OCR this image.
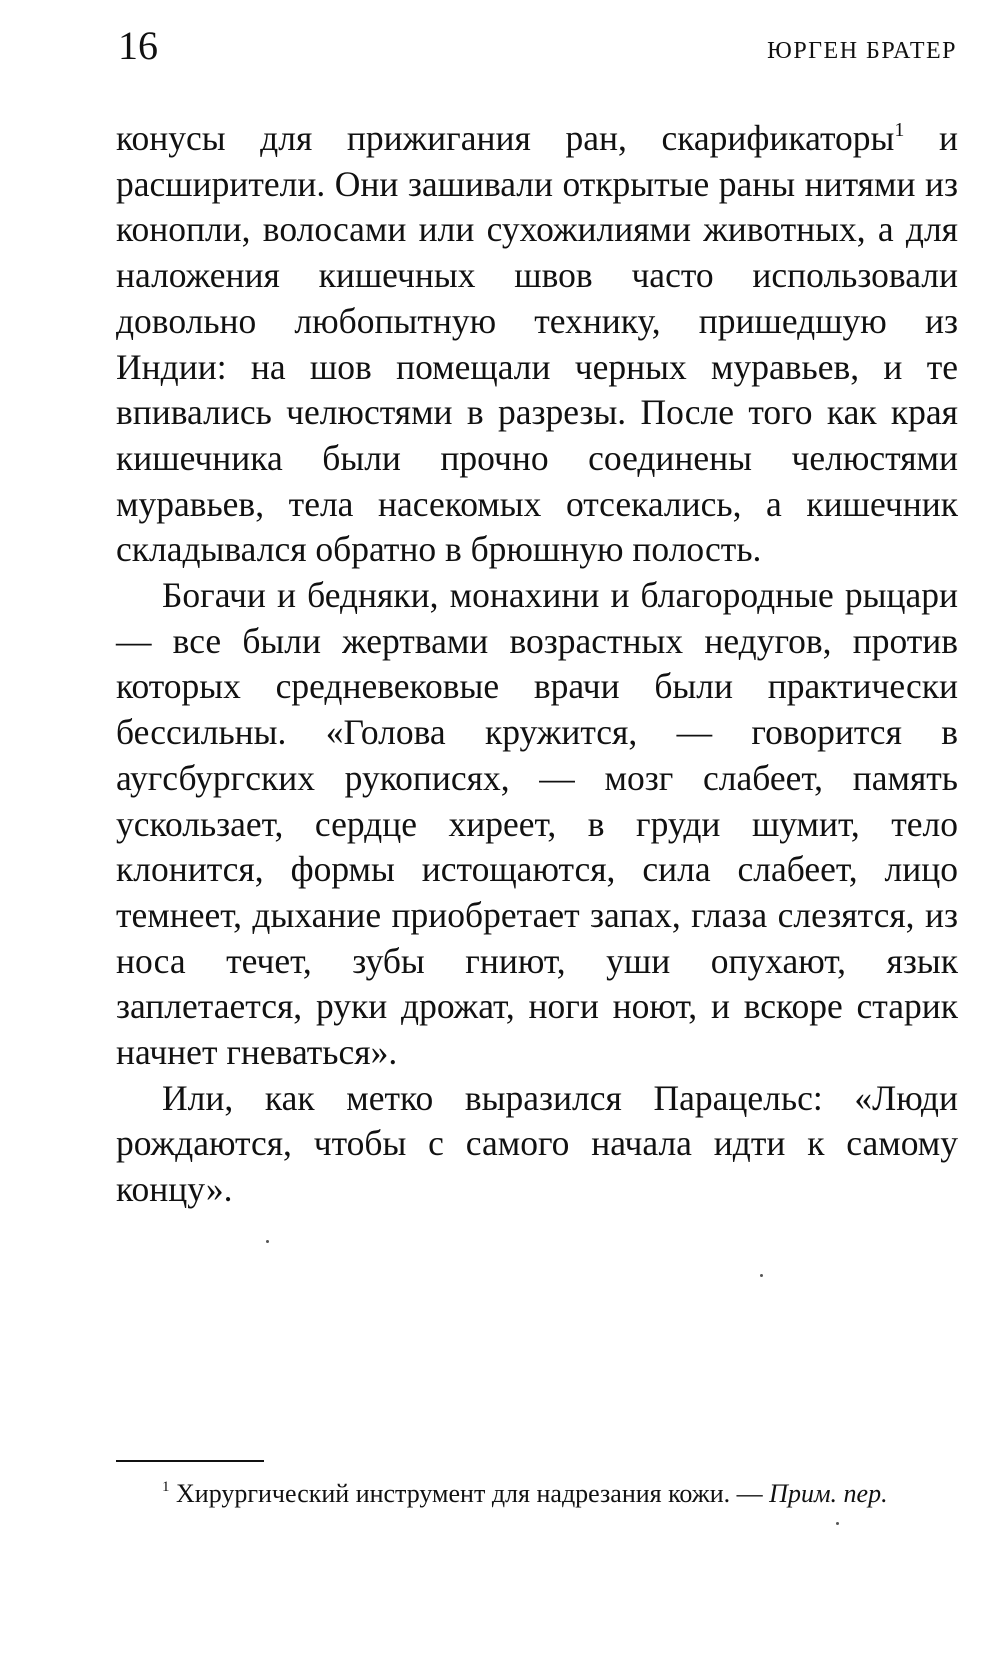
16	ЮРГЕН БРАТЕР

конусы для прижигания ран, скарификаторы$^1$ и расширители. Они зашивали открытые раны нитями из конопли, волосами или сухожилиями животных, а для наложения кишечных швов часто использовали довольно любопытную технику, пришедшую из Индии: на шов помещали черных муравьев, и те впивались челюстями в разрезы. После того как края кишечника были прочно соединены челюстями муравьев, тела насекомых отсекались, а кишечник складывался обратно в брюшную полость.

Богачи и бедняки, монахини и благородные рыцари — все были жертвами возрастных недугов, против которых средневековые врачи были практически бессильны. «Голова кружится, — говорится в аугсбургских рукописях, — мозг слабеет, память ускользает, сердце хиреет, в груди шумит, тело клонится, формы истощаются, сила слабеет, лицо темнеет, дыхание приобретает запах, глаза слезятся, из носа течет, зубы гниют, уши опухают, язык заплетается, руки дрожат, ноги ноют, и вскоре старик начнет гневаться».

Или, как метко выразился Парацельс: «Люди рождаются, чтобы с самого начала идти к самому концу».

$^1$ Хирургический инструмент для надрезания кожи. — Прим. пер.
